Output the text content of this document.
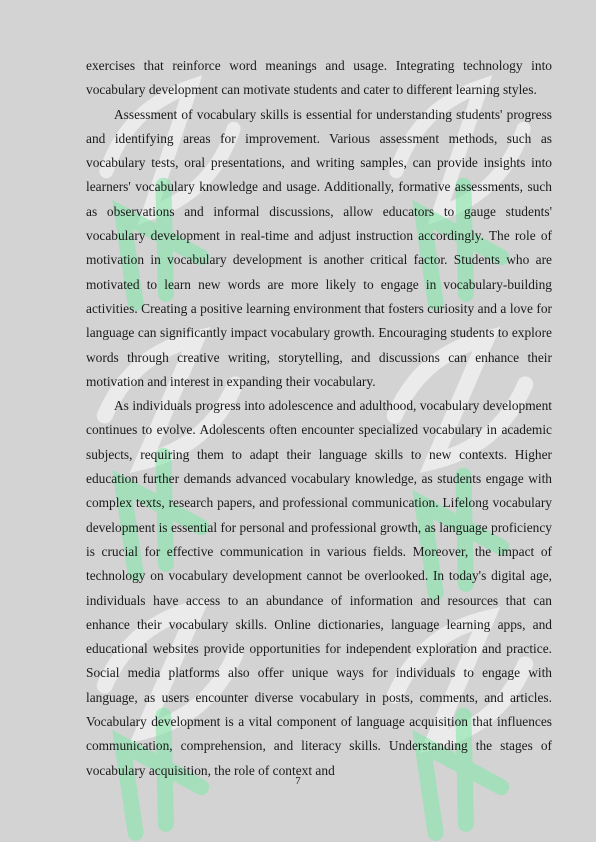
exercises that reinforce word meanings and usage. Integrating technology into vocabulary development can motivate students and cater to different learning styles.

Assessment of vocabulary skills is essential for understanding students' progress and identifying areas for improvement. Various assessment methods, such as vocabulary tests, oral presentations, and writing samples, can provide insights into learners' vocabulary knowledge and usage. Additionally, formative assessments, such as observations and informal discussions, allow educators to gauge students' vocabulary development in real-time and adjust instruction accordingly. The role of motivation in vocabulary development is another critical factor. Students who are motivated to learn new words are more likely to engage in vocabulary-building activities. Creating a positive learning environment that fosters curiosity and a love for language can significantly impact vocabulary growth. Encouraging students to explore words through creative writing, storytelling, and discussions can enhance their motivation and interest in expanding their vocabulary.

As individuals progress into adolescence and adulthood, vocabulary development continues to evolve. Adolescents often encounter specialized vocabulary in academic subjects, requiring them to adapt their language skills to new contexts. Higher education further demands advanced vocabulary knowledge, as students engage with complex texts, research papers, and professional communication. Lifelong vocabulary development is essential for personal and professional growth, as language proficiency is crucial for effective communication in various fields. Moreover, the impact of technology on vocabulary development cannot be overlooked. In today's digital age, individuals have access to an abundance of information and resources that can enhance their vocabulary skills. Online dictionaries, language learning apps, and educational websites provide opportunities for independent exploration and practice. Social media platforms also offer unique ways for individuals to engage with language, as users encounter diverse vocabulary in posts, comments, and articles. Vocabulary development is a vital component of language acquisition that influences communication, comprehension, and literacy skills. Understanding the stages of vocabulary acquisition, the role of context and

7
